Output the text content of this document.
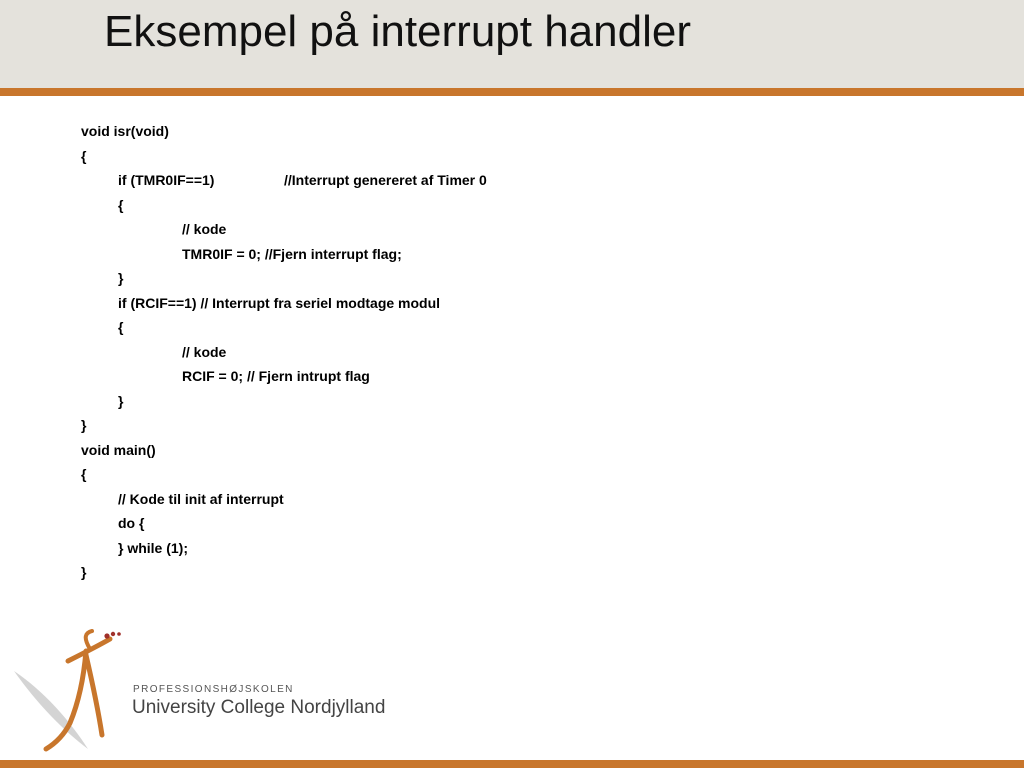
Eksempel på interrupt handler
void isr(void)
{
if (TMR0IF==1)	//Interrupt genereret af Timer 0
{
// kode
TMR0IF = 0; //Fjern interrupt flag;
}
if (RCIF==1) // Interrupt fra seriel modtage modul
{
// kode
RCIF = 0; // Fjern intrupt flag
}
}
void main()
{
// Kode til init af interrupt
do {
} while (1);
}
PROFESSIONSHØJSKOLEN
University College Nordjylland
